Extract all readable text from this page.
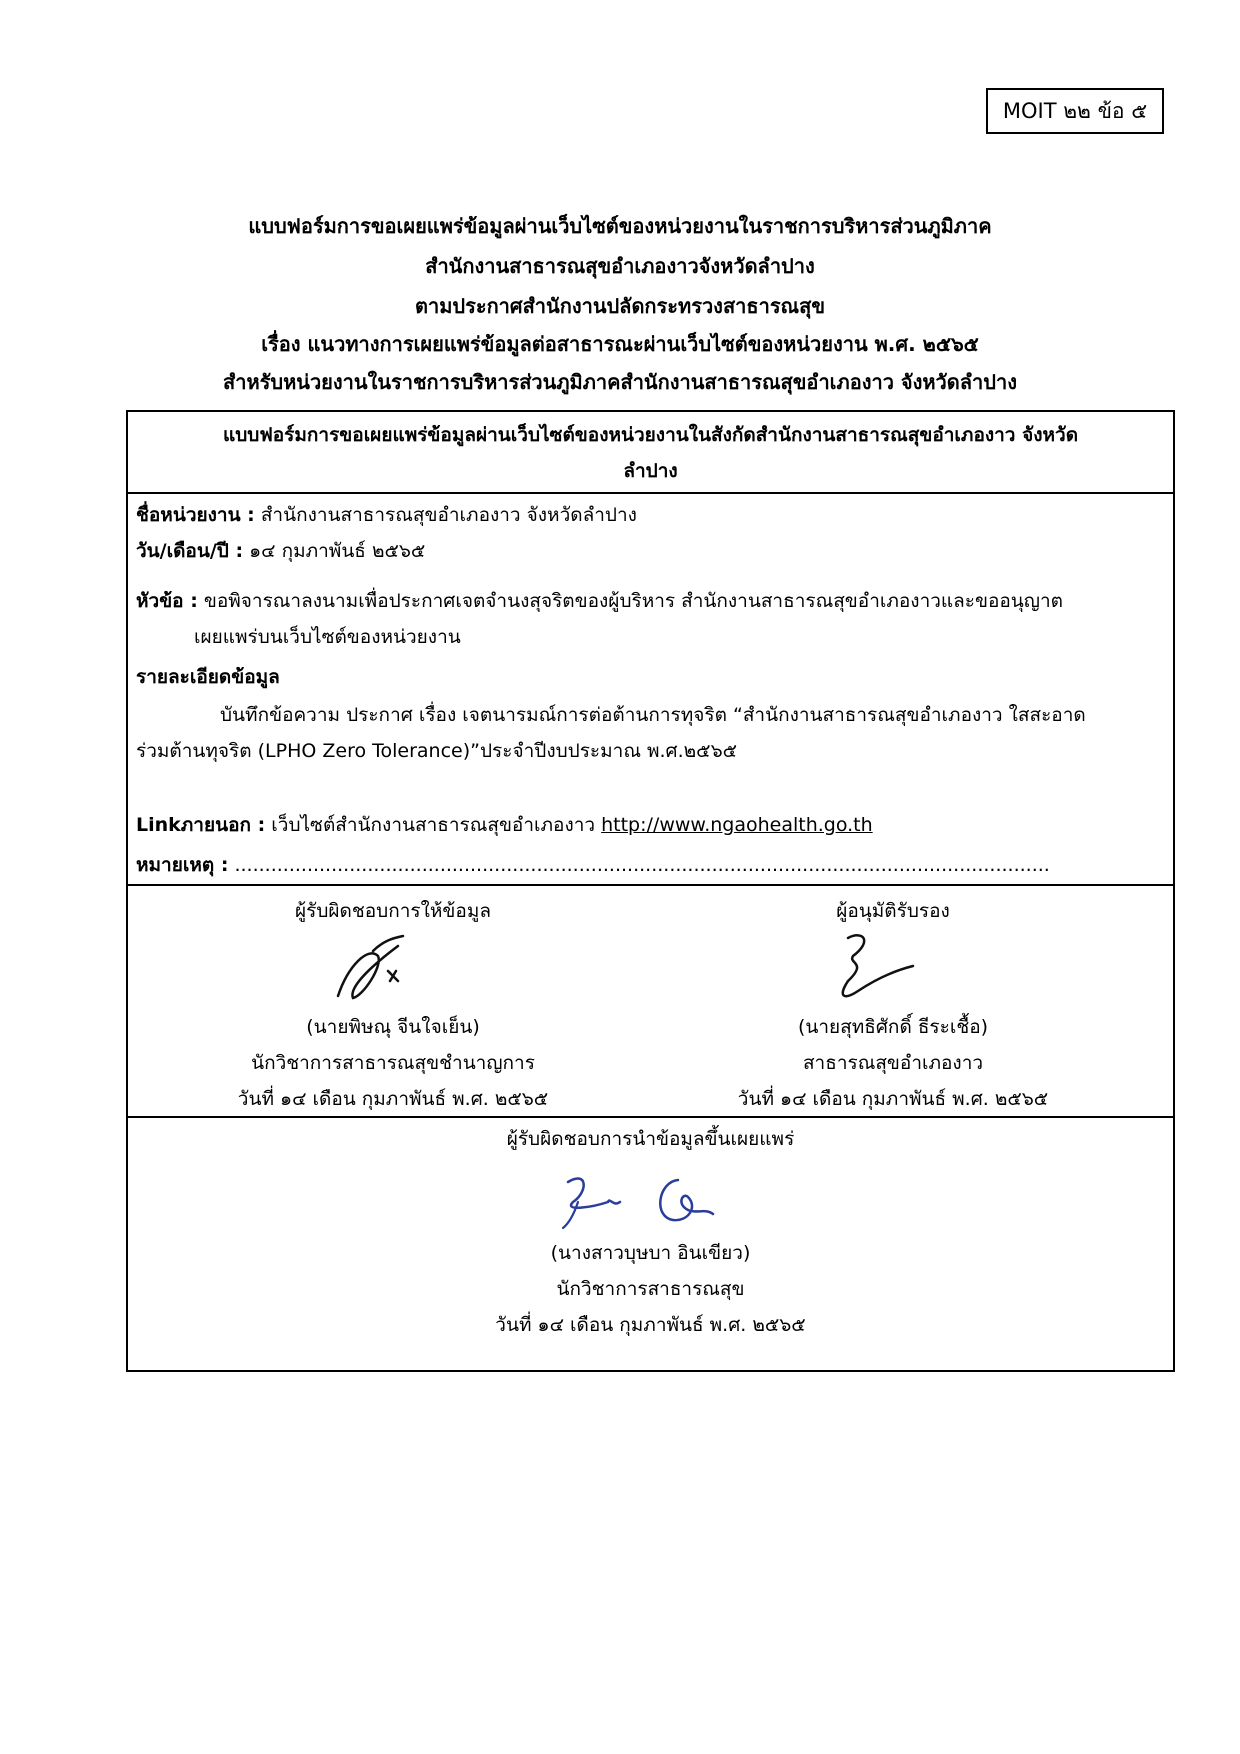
MOIT ๒๒ ข้อ ๕
แบบฟอร์มการขอเผยแพร่ข้อมูลผ่านเว็บไซต์ของหน่วยงานในราชการบริหารส่วนภูมิภาค
สำนักงานสาธารณสุขอำเภองาวจังหวัดลำปาง
ตามประกาศสำนักงานปลัดกระทรวงสาธารณสุข
เรื่อง แนวทางการเผยแพร่ข้อมูลต่อสาธารณะผ่านเว็บไซต์ของหน่วยงาน พ.ศ. ๒๕๖๕
สำหรับหน่วยงานในราชการบริหารส่วนภูมิภาคสำนักงานสาธารณสุขอำเภองาว จังหวัดลำปาง
แบบฟอร์มการขอเผยแพร่ข้อมูลผ่านเว็บไซต์ของหน่วยงานในสังกัดสำนักงานสาธารณสุขอำเภองาว จังหวัด
ลำปาง
ชื่อหน่วยงาน : สำนักงานสาธารณสุขอำเภองาว จังหวัดลำปาง
วัน/เดือน/ปี : ๑๔ กุมภาพันธ์ ๒๕๖๕
หัวข้อ : ขอพิจารณาลงนามเพื่อประกาศเจตจำนงสุจริตของผู้บริหาร สำนักงานสาธารณสุขอำเภองาวและขออนุญาต
เผยแพร่บนเว็บไซต์ของหน่วยงาน
รายละเอียดข้อมูล
บันทึกข้อความ ประกาศ เรื่อง เจตนารมณ์การต่อต้านการทุจริต “สำนักงานสาธารณสุขอำเภองาว ใสสะอาด
ร่วมต้านทุจริต (LPHO Zero Tolerance)”ประจำปีงบประมาณ พ.ศ.๒๕๖๕
Linkภายนอก : เว็บไซต์สำนักงานสาธารณสุขอำเภองาว http://www.ngaohealth.go.th
หมายเหตุ : .......................................................................................................................................
ผู้รับผิดชอบการให้ข้อมูล
(นายพิษณุ จีนใจเย็น)
นักวิชาการสาธารณสุขชำนาญการ
วันที่ ๑๔ เดือน กุมภาพันธ์ พ.ศ. ๒๕๖๕
ผู้อนุมัติรับรอง
(นายสุทธิศักดิ์ ธีระเชื้อ)
สาธารณสุขอำเภองาว
วันที่ ๑๔ เดือน กุมภาพันธ์ พ.ศ. ๒๕๖๕
ผู้รับผิดชอบการนำข้อมูลขึ้นเผยแพร่
(นางสาวบุษบา อินเขียว)
นักวิชาการสาธารณสุข
วันที่ ๑๔ เดือน กุมภาพันธ์ พ.ศ. ๒๕๖๕
